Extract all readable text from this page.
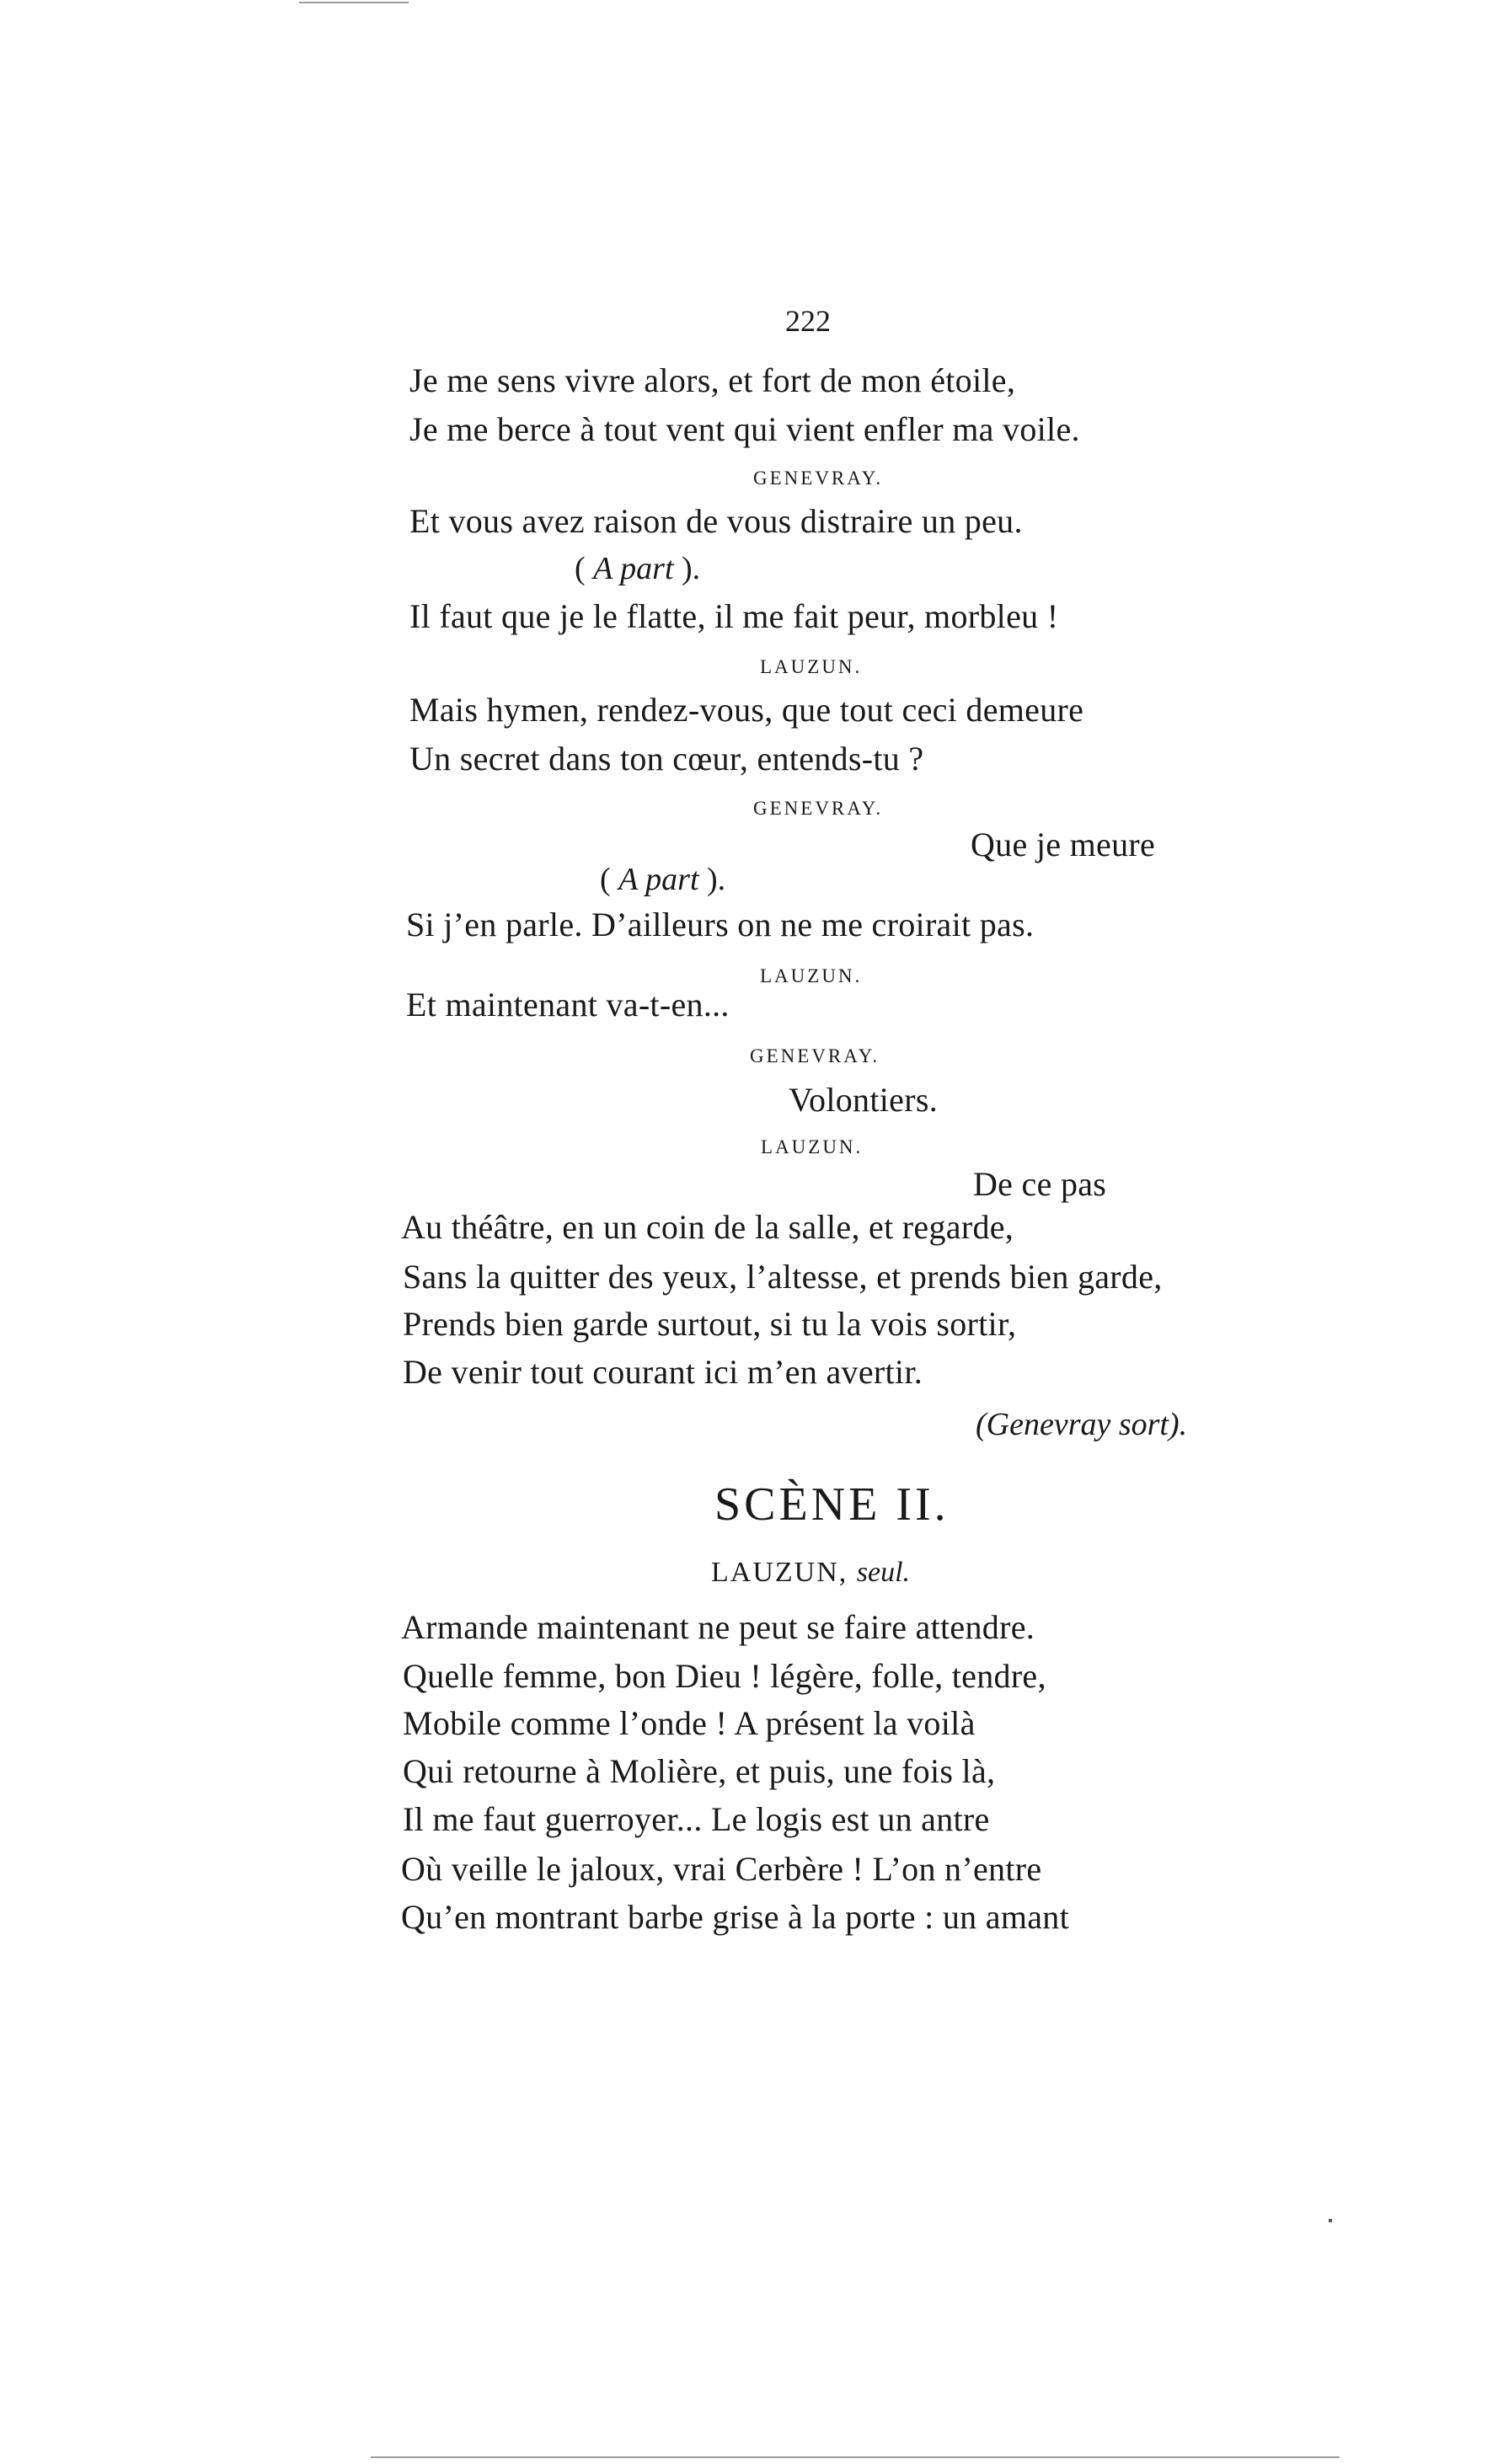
222
Je me sens vivre alors, et fort de mon étoile,
Je me berce à tout vent qui vient enfler ma voile.
GENEVRAY.
Et vous avez raison de vous distraire un peu.
( A part ).
Il faut que je le flatte, il me fait peur, morbleu !
LAUZUN.
Mais hymen, rendez-vous, que tout ceci demeure
Un secret dans ton cœur, entends-tu ?
GENEVRAY.
Que je meure
( A part ).
Si j’en parle. D’ailleurs on ne me croirait pas.
LAUZUN.
Et maintenant va-t-en...
GENEVRAY.
Volontiers.
LAUZUN.
De ce pas
Au théâtre, en un coin de la salle, et regarde,
Sans la quitter des yeux, l’altesse, et prends bien garde,
Prends bien garde surtout, si tu la vois sortir,
De venir tout courant ici m’en avertir.
(Genevray sort).
SCÈNE II.
LAUZUN, seul.
Armande maintenant ne peut se faire attendre.
Quelle femme, bon Dieu ! légère, folle, tendre,
Mobile comme l’onde ! A présent la voilà
Qui retourne à Molière, et puis, une fois là,
Il me faut guerroyer... Le logis est un antre
Où veille le jaloux, vrai Cerbère ! L’on n’entre
Qu’en montrant barbe grise à la porte : un amant
